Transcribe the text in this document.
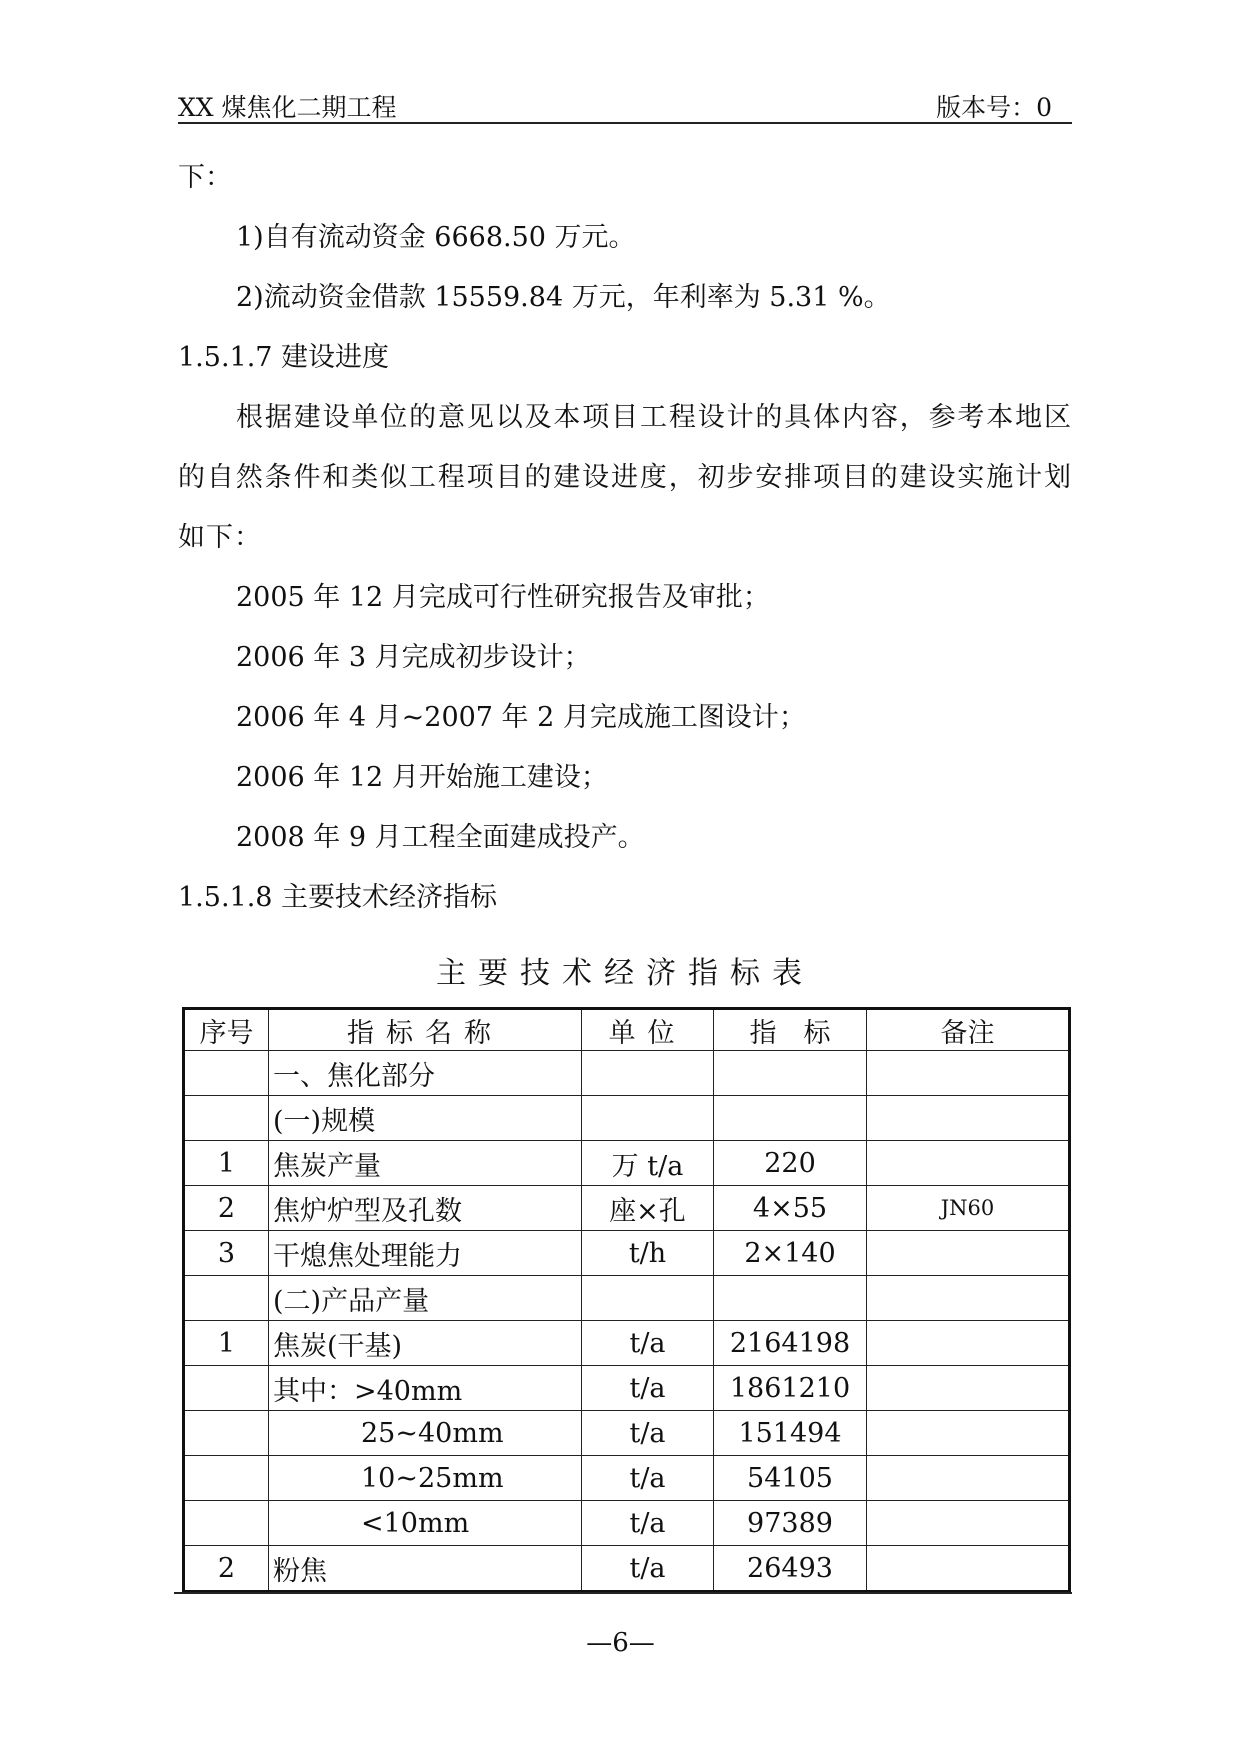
XX 煤焦化二期工程	版本号：0
下：
1)自有流动资金 6668.50 万元。
2)流动资金借款 15559.84 万元，年利率为 5.31 %。
1.5.1.7 建设进度
根据建设单位的意见以及本项目工程设计的具体内容，参考本地区的自然条件和类似工程项目的建设进度，初步安排项目的建设实施计划如下：
2005 年 12 月完成可行性研究报告及审批；
2006 年 3 月完成初步设计；
2006 年 4 月~2007 年 2 月完成施工图设计；
2006 年 12 月开始施工建设；
2008 年 9 月工程全面建成投产。
1.5.1.8 主要技术经济指标
主要技术经济指标表
序号	指标名称	单位	指　标	备注
	一、焦化部分			
	(一)规模			
1	焦炭产量	万 t/a	220	
2	焦炉炉型及孔数	座×孔	4×55	JN60
3	干熄焦处理能力	t/h	2×140	
	(二)产品产量			
1	焦炭(干基)	t/a	2164198	
	其中：>40mm	t/a	1861210	
	25~40mm	t/a	151494	
	10~25mm	t/a	54105	
	<10mm	t/a	97389	
2	粉焦	t/a	26493	
—6—
